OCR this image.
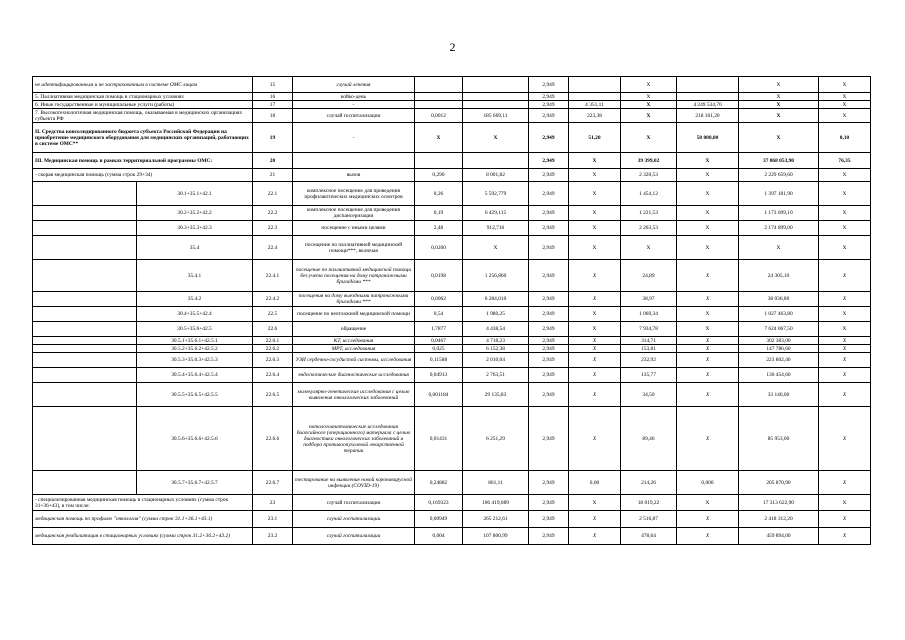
2
не идентифицированным и не застрахованным в системе ОМС лицам		15	случай лечения			2,949		X		X	X
5. Паллиативная медицинская помощь в стационарных условиях		16	койко-день			2,949		X		X	X
6. Иные государственные и муниципальные услуги (работы)		17	-			2,949	4 351,11	X	4 249 534,70	X	X
7. Высокотехнологичная медицинская помощь, оказываемая в медицинских организациях субъекта РФ		18	случай госпитализации	0,0012	185 669,11	2,949	223,38	X	218 161,20	X	X
II. Средства консолидированного бюджета субъекта Российской Федерации на приобретение медицинского оборудования для медицинских организаций, работающих в системе ОМС**		19	-	X	X	2,949	51,20	X	50 000,00	X	0,10
III. Медицинская помощь в рамках территориальной программы ОМС:		20				2,949	X	39 399,02	X	37 868 053,90	76,35
- скорая медицинская помощь (сумма строк 29+34)		21	вызов	0,290	8 001,82	2,949	X	2 320,53	X	2 229 659,60	X
	30.1+35.1+42.1	22.1	комплексное посещение для проведения профилактических медицинских осмотров	0,26	5 592,779	2,949	X	1 454,12	X	1 397 181,90	X
	30.2+35.2+42.2	22.2	комплексное посещение для проведения диспансеризации	0,19	6 429,115	2,949	X	1 221,53	X	1 173 699,10	X
	30.3+35.3+42.3	22.3	посещение с иными целями	2,48	912,716	2,949	X	2 263,53	X	2 174 899,00	X
	35.4	22.4	посещение по паллиативной медицинской помощи***, включая	0,0260	X	2,949	X	X	X	X	X
	35.4.1	22.4.1	посещение по паллиативной медицинской помощи без учета посещения на дому патронажными бригадами ***	0,0198	1 256,860	2,949	X	24,89	X	24 305,10	X
	35.4.2	22.4.2	посещения на дому выездными патронажными бригадами ***	0,0062	6 284,010	2,949	X	38,97	X	38 036,80	X
	30.4+35.5+42.4	22.5	посещение по неотложной медицинской помощи	0,54	1 980,25	2,949	X	1 069,34	X	1 027 463,80	X
	30.5+35.6+42.5	22.6	обращение	1,7877	4 438,54	2,949	X	7 934,78	X	7 624 067,50	X
	30.5.1+35.6.1+42.5.1	22.6.1	КТ, исследования	0,0467	4 718,23	2,949	X	314,71	X	302 383,00	X
	30.5.2+35.6.2+42.5.2	22.6.2	МРТ, исследования	0,025	6 152,38	2,949	X	153,81	X	147 786,60	X
	30.5.3+35.6.3+42.5.3	22.6.3	УЗИ сердечно-сосудистой системы, исследования	0,11588	2 010,04	2,949	X	232,92	X	223 802,40	X
	30.5.4+35.6.4+42.5.4	22.6.4	эндоскопические диагностические исследования	0,04913	2 763,51	2,949	X	135,77	X	130 454,60	X
	30.5.5+35.6.5+42.5.5	22.6.5	молекулярно-генетические исследования с целью выявления онкологических заболеваний	0,001184	29 135,83	2,949	X	34,50	X	33 146,00	X
	30.5.6+35.6.6+42.5.6	22.6.6	патологоанатомические исследования биопсийного (операционного) материала с целью диагностики онкологических заболеваний и подбора противоопухолевой лекарственной терапии	0,01431	6 251,29	2,949	X	89,46	X	85 953,00	X
	30.5.7+35.6.7+42.5.7	22.6.7	тестирование на выявление новой коронавирусной инфекции (COVID-19)	0,24882	861,11	2,949	0,00	214,26	0,000	205 870,90	X
- специализированная медицинская помощь в стационарных условиях (сумма строк 31+36+43), в том числе:		23	случай госпитализации	0,169323	106 419,089	2,949	X	18 019,22	X	17 313 622,90	X
медицинская помощь по профилю "онкология" (сумма строк 31.1+36.1+43.1)		23.1	случай госпитализации	0,00949	265 212,61	2,949	X	2 516,87	X	2 418 312,20	X
медицинская реабилитация в стационарных условиях (сумма строк 31.2+36.2+43.2)		23.2	случай госпитализации	0,004	107 800,99	2,949	X	478,64	X	459 894,00	X
